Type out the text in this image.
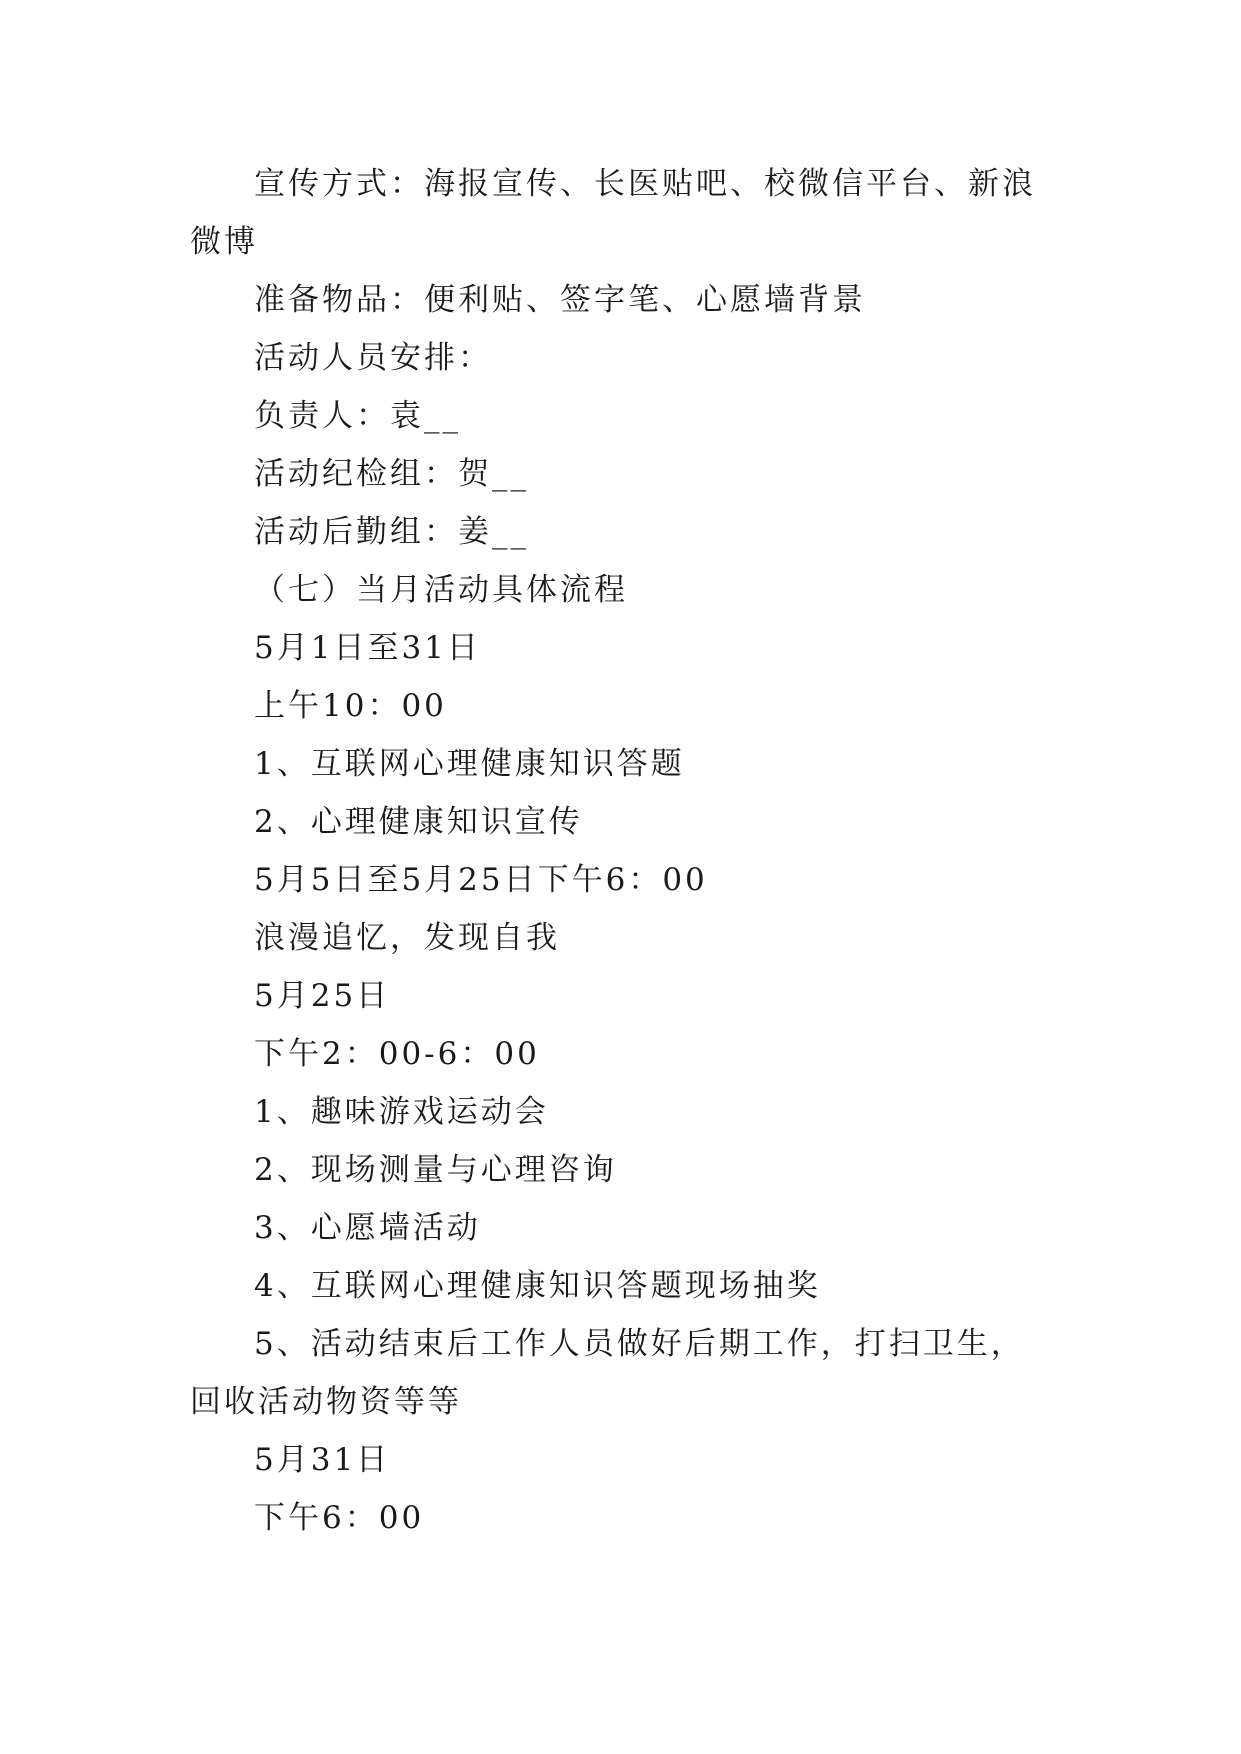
宣传方式：海报宣传、长医贴吧、校微信平台、新浪微博

准备物品：便利贴、签字笔、心愿墙背景

活动人员安排：

负责人：袁__

活动纪检组：贺__

活动后勤组：姜__

（七）当月活动具体流程

5月1日至31日

上午10：00

1、互联网心理健康知识答题

2、心理健康知识宣传

5月5日至5月25日下午6：00

浪漫追忆，发现自我

5月25日

下午2：00-6：00

1、趣味游戏运动会

2、现场测量与心理咨询

3、心愿墙活动

4、互联网心理健康知识答题现场抽奖

5、活动结束后工作人员做好后期工作，打扫卫生，回收活动物资等等

5月31日

下午6：00
